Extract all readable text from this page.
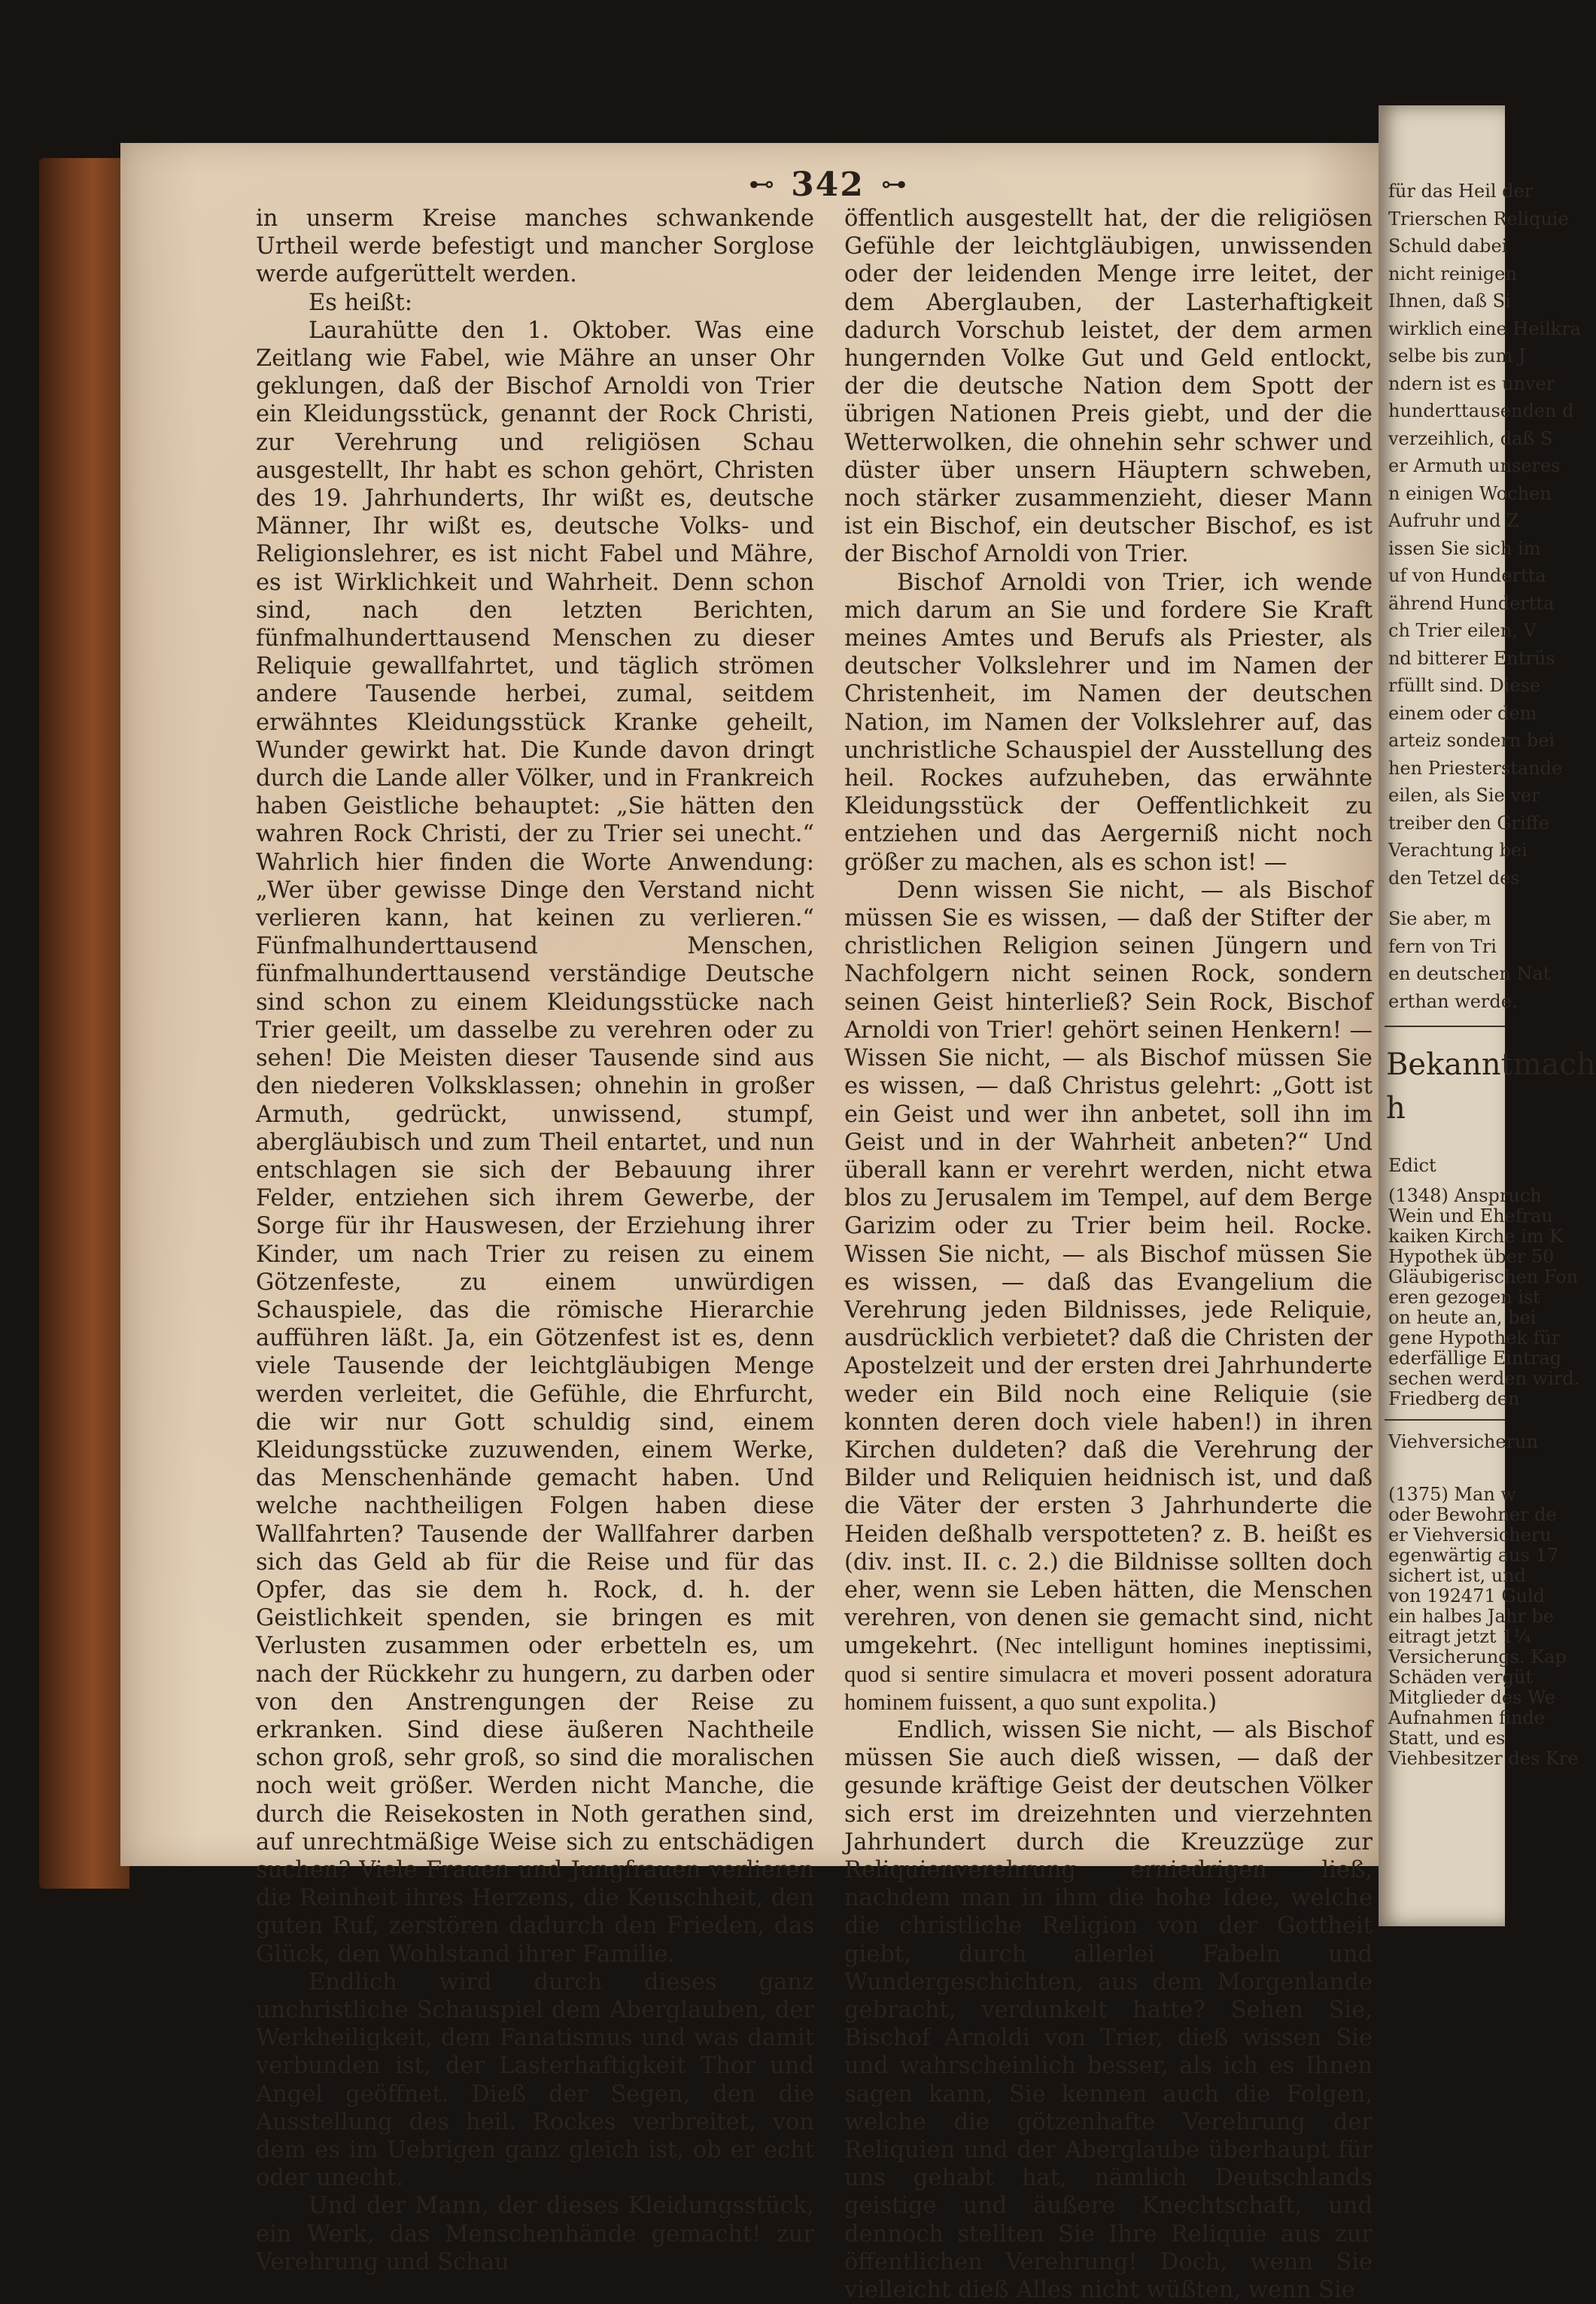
⊷ 342 ⊶

in unserm Kreise manches schwankende Urtheil werde befestigt und mancher Sorglose werde aufgerüttelt werden.

Es heißt:

Laurahütte den 1. Oktober. Was eine Zeitlang wie Fabel, wie Mähre an unser Ohr geklungen, daß der Bischof Arnoldi von Trier ein Kleidungsstück, genannt der Rock Christi, zur Verehrung und religiösen Schau ausgestellt, Ihr habt es schon gehört, Christen des 19. Jahrhunderts, Ihr wißt es, deutsche Männer, Ihr wißt es, deutsche Volks- und Religionslehrer, es ist nicht Fabel und Mähre, es ist Wirklichkeit und Wahrheit. Denn schon sind, nach den letzten Berichten, fünfmalhunderttausend Menschen zu dieser Reliquie gewallfahrtet, und täglich strömen andere Tausende herbei, zumal, seitdem erwähntes Kleidungsstück Kranke geheilt, Wunder gewirkt hat. Die Kunde davon dringt durch die Lande aller Völker, und in Frankreich haben Geistliche behauptet: „Sie hätten den wahren Rock Christi, der zu Trier sei unecht.“ Wahrlich hier finden die Worte Anwendung: „Wer über gewisse Dinge den Verstand nicht verlieren kann, hat keinen zu verlieren.“ Fünfmalhunderttausend Menschen, fünfmalhunderttausend verständige Deutsche sind schon zu einem Kleidungsstücke nach Trier geeilt, um dasselbe zu verehren oder zu sehen! Die Meisten dieser Tausende sind aus den niederen Volksklassen; ohnehin in großer Armuth, gedrückt, unwissend, stumpf, abergläubisch und zum Theil entartet, und nun entschlagen sie sich der Bebauung ihrer Felder, entziehen sich ihrem Gewerbe, der Sorge für ihr Hauswesen, der Erziehung ihrer Kinder, um nach Trier zu reisen zu einem Götzenfeste, zu einem unwürdigen Schauspiele, das die römische Hierarchie aufführen läßt. Ja, ein Götzenfest ist es, denn viele Tausende der leichtgläubigen Menge werden verleitet, die Gefühle, die Ehrfurcht, die wir nur Gott schuldig sind, einem Kleidungsstücke zuzuwenden, einem Werke, das Menschenhände gemacht haben. Und welche nachtheiligen Folgen haben diese Wallfahrten? Tausende der Wallfahrer darben sich das Geld ab für die Reise und für das Opfer, das sie dem h. Rock, d. h. der Geistlichkeit spenden, sie bringen es mit Verlusten zusammen oder erbetteln es, um nach der Rückkehr zu hungern, zu darben oder von den Anstrengungen der Reise zu erkranken. Sind diese äußeren Nachtheile schon groß, sehr groß, so sind die moralischen noch weit größer. Werden nicht Manche, die durch die Reisekosten in Noth gerathen sind, auf unrechtmäßige Weise sich zu entschädigen suchen? Viele Frauen und Jungfrauen verlieren die Reinheit ihres Herzens, die Keuschheit, den guten Ruf, zerstören dadurch den Frieden, das Glück, den Wohlstand ihrer Familie.

Endlich wird durch dieses ganz unchristliche Schauspiel dem Aberglauben, der Werkheiligkeit, dem Fanatismus und was damit verbunden ist, der Lasterhaftigkeit Thor und Angel geöffnet. Dieß der Segen, den die Ausstellung des heil. Rockes verbreitet, von dem es im Uebrigen ganz gleich ist, ob er echt oder unecht.

Und der Mann, der dieses Kleidungsstück, ein Werk, das Menschenhände gemacht! zur Verehrung und Schau

öffentlich ausgestellt hat, der die religiösen Gefühle der leichtgläubigen, unwissenden oder der leidenden Menge irre leitet, der dem Aberglauben, der Lasterhaftigkeit dadurch Vorschub leistet, der dem armen hungernden Volke Gut und Geld entlockt, der die deutsche Nation dem Spott der übrigen Nationen Preis giebt, und der die Wetterwolken, die ohnehin sehr schwer und düster über unsern Häuptern schweben, noch stärker zusammenzieht, dieser Mann ist ein Bischof, ein deutscher Bischof, es ist der Bischof Arnoldi von Trier.

Bischof Arnoldi von Trier, ich wende mich darum an Sie und fordere Sie Kraft meines Amtes und Berufs als Priester, als deutscher Volkslehrer und im Namen der Christenheit, im Namen der deutschen Nation, im Namen der Volkslehrer auf, das unchristliche Schauspiel der Ausstellung des heil. Rockes aufzuheben, das erwähnte Kleidungsstück der Oeffentlichkeit zu entziehen und das Aergerniß nicht noch größer zu machen, als es schon ist! —

Denn wissen Sie nicht, — als Bischof müssen Sie es wissen, — daß der Stifter der christlichen Religion seinen Jüngern und Nachfolgern nicht seinen Rock, sondern seinen Geist hinterließ? Sein Rock, Bischof Arnoldi von Trier! gehört seinen Henkern! — Wissen Sie nicht, — als Bischof müssen Sie es wissen, — daß Christus gelehrt: „Gott ist ein Geist und wer ihn anbetet, soll ihn im Geist und in der Wahrheit anbeten?“ Und überall kann er verehrt werden, nicht etwa blos zu Jerusalem im Tempel, auf dem Berge Garizim oder zu Trier beim heil. Rocke. Wissen Sie nicht, — als Bischof müssen Sie es wissen, — daß das Evangelium die Verehrung jeden Bildnisses, jede Reliquie, ausdrücklich verbietet? daß die Christen der Apostelzeit und der ersten drei Jahrhunderte weder ein Bild noch eine Reliquie (sie konnten deren doch viele haben!) in ihren Kirchen duldeten? daß die Verehrung der Bilder und Reliquien heidnisch ist, und daß die Väter der ersten 3 Jahrhunderte die Heiden deßhalb verspotteten? z. B. heißt es (div. inst. II. c. 2.) die Bildnisse sollten doch eher, wenn sie Leben hätten, die Menschen verehren, von denen sie gemacht sind, nicht umgekehrt. (Nec intelligunt homines ineptissimi, quod si sentire simulacra et moveri possent adoratura hominem fuissent, a quo sunt expolita.)

Endlich, wissen Sie nicht, — als Bischof müssen Sie auch dieß wissen, — daß der gesunde kräftige Geist der deutschen Völker sich erst im dreizehnten und vierzehnten Jahrhundert durch die Kreuzzüge zur Reliquienverehrung erniedrigen ließ, nachdem man in ihm die hohe Idee, welche die christliche Religion von der Gottheit giebt, durch allerlei Fabeln und Wundergeschichten, aus dem Morgenlande gebracht, verdunkelt hatte? Sehen Sie, Bischof Arnoldi von Trier, dieß wissen Sie und wahrscheinlich besser, als ich es Ihnen sagen kann, Sie kennen auch die Folgen, welche die götzenhafte Verehrung der Reliquien und der Aberglaube überhaupt für uns gehabt hat, nämlich Deutschlands geistige und äußere Knechtschaft, und dennoch stellten Sie Ihre Reliquie aus zur öffentlichen Verehrung! Doch, wenn Sie vielleicht dieß Alles nicht wüßten, wenn Sie

für das Heil der
Trierschen Reliquie
Schuld dabei
nicht reinigen
Ihnen, daß Si
wirklich eine Heilkra
selbe bis zum J
ndern ist es unver
hunderttausenden d
verzeihlich, daß S
er Armuth unseres
n einigen Wochen
Aufruhr und Z
issen Sie sich im
uf von Hundertta
ährend Hundertta
ch Trier eilen, V
nd bitterer Entrüs
rfüllt sind. Diese
einem oder dem
arteiz sondern bei
hen Priesterstande
eilen, als Sie ver
treiber den Griffe
Verachtung bei
den Tetzel des
Sie aber, m
fern von Tri
en deutschen Nat
erthan werde.
Bekanntmach
h
Edict
(1348) Anspruch
Wein und Ehefrau
kaiken Kirche im K
Hypothek über 50
Gläubigerischen Fon
eren gezogen ist
on heute an, bei
gene Hypothek für
ederfällige Eintrag
sechen werden wird.
Friedberg den
Viehversicherun
(1375) Man w
oder Bewohner de
er Viehversicheru
egenwärtig aus 17
sichert ist, und
von 192471 Guld
ein halbes Jahr be
eitragt jetzt 1¼
Versicherungs. Kap
Schäden vergüt
Mitglieder des We
Aufnahmen finde
Statt, und es
Viehbesitzer des Kre
